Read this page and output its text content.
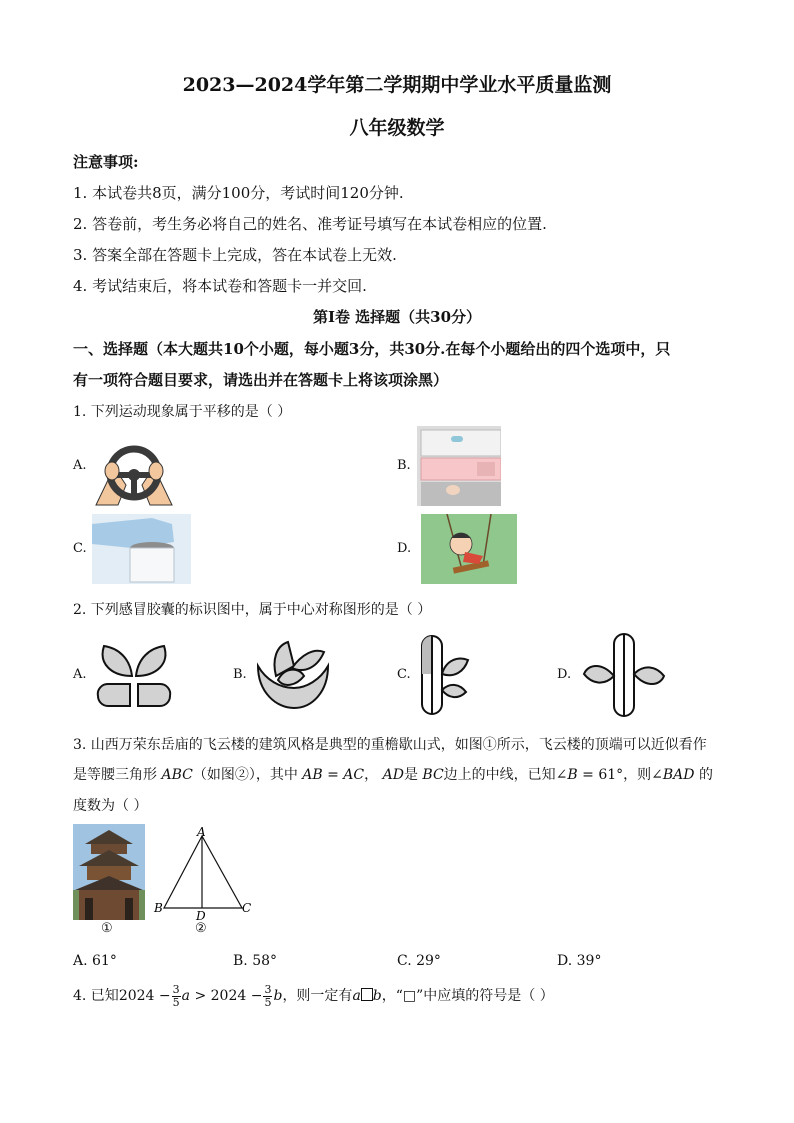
2023—2024学年第二学期期中学业水平质量监测
八年级数学
注意事项:
1. 本试卷共8页，满分100分，考试时间120分钟.
2. 答卷前，考生务必将自己的姓名、准考证号填写在本试卷相应的位置.
3. 答案全部在答题卡上完成，答在本试卷上无效.
4. 考试结束后，将本试卷和答题卡一并交回.
第Ⅰ卷 选择题（共30分）
一、选择题（本大题共10个小题，每小题3分，共30分.在每个小题给出的四个选项中，只
有一项符合题目要求，请选出并在答题卡上将该项涂黑）
1. 下列运动现象属于平移的是（ ）
A.	B.
C.	D.
2. 下列感冒胶囊的标识图中，属于中心对称图形的是（ ）
A.	B.	C.	D.
3. 山西万荣东岳庙的飞云楼的建筑风格是典型的重檐歇山式，如图①所示，飞云楼的顶端可以近似看作
是等腰三角形 ABC（如图②），其中 AB = AC， AD是 BC边上的中线，已知∠B = 61°，则∠BAD 的
度数为（ ）
①
A
B	C
D
②
A. 61°	B. 58°	C. 29°	D. 39°
4. 已知$2024 - \frac{3}{5}$ $a > 2024 - \frac{3}{5}$ b，则一定有a b，“□”中应填的符号是（ ）
